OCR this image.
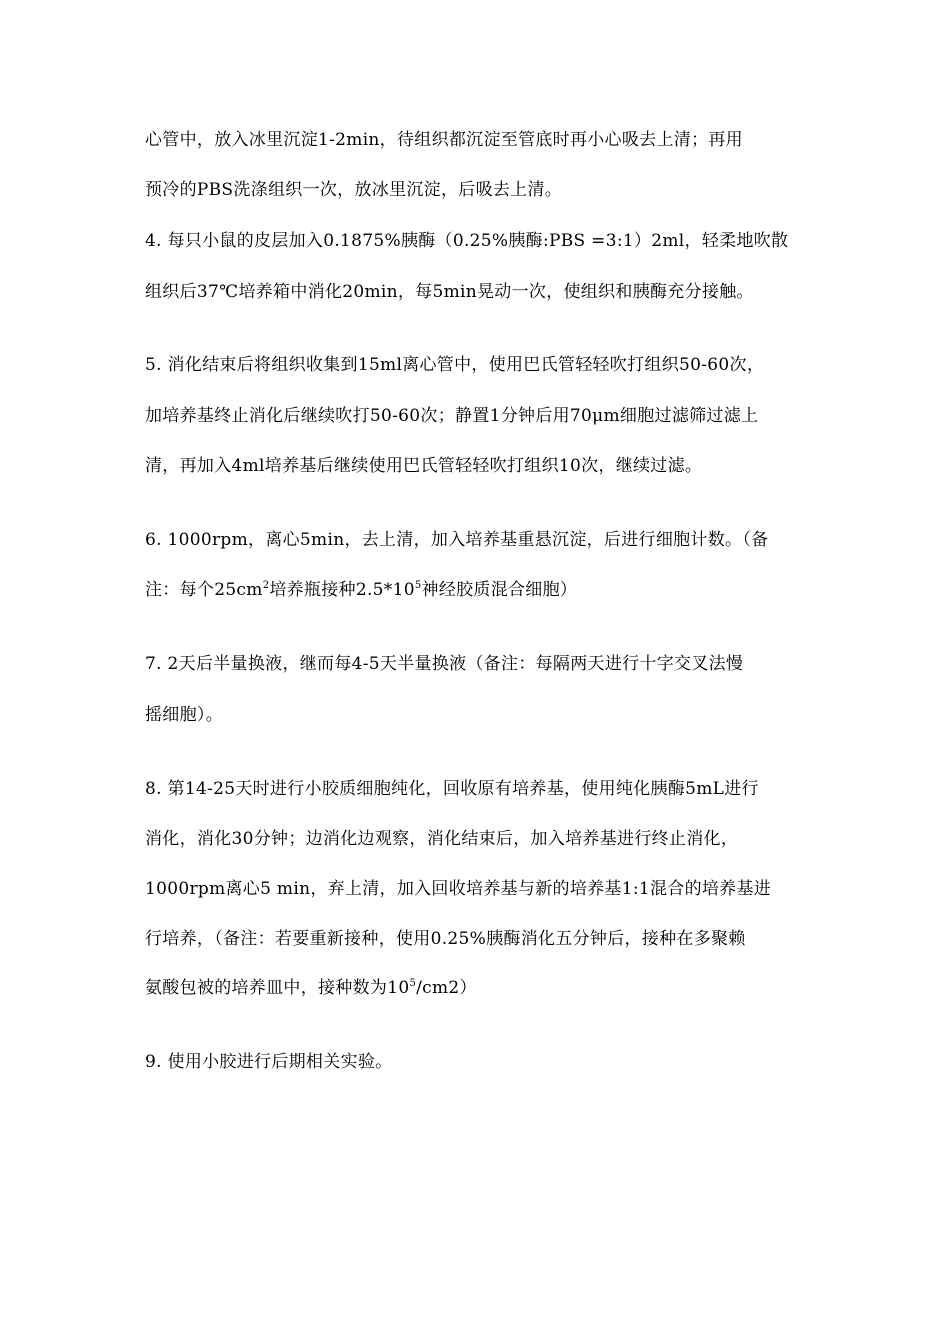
心管中，放入冰里沉淀1-2min，待组织都沉淀至管底时再小心吸去上清；再用
预冷的PBS洗涤组织一次，放冰里沉淀，后吸去上清。
4. 每只小鼠的皮层加入0.1875%胰酶（0.25%胰酶:PBS =3:1）2ml，轻柔地吹散
组织后37℃培养箱中消化20min，每5min晃动一次，使组织和胰酶充分接触。
5. 消化结束后将组织收集到15ml离心管中，使用巴氏管轻轻吹打组织50-60次，
加培养基终止消化后继续吹打50-60次；静置1分钟后用70μm细胞过滤筛过滤上
清，再加入4ml培养基后继续使用巴氏管轻轻吹打组织10次，继续过滤。
6. 1000rpm，离心5min，去上清，加入培养基重悬沉淀，后进行细胞计数。（备
注：每个$25cm^2$培养瓶接种$2.5*10^5$神经胶质混合细胞）
7. 2天后半量换液，继而每4-5天半量换液（备注：每隔两天进行十字交叉法慢
摇细胞）。
8. 第14-25天时进行小胶质细胞纯化，回收原有培养基，使用纯化胰酶5mL进行
消化，消化30分钟；边消化边观察，消化结束后，加入培养基进行终止消化，
1000rpm离心5 min，弃上清，加入回收培养基与新的培养基1:1混合的培养基进
行培养，（备注：若要重新接种，使用0.25%胰酶消化五分钟后，接种在多聚赖
氨酸包被的培养皿中，接种数为$10^5/cm2$）
9. 使用小胶进行后期相关实验。
